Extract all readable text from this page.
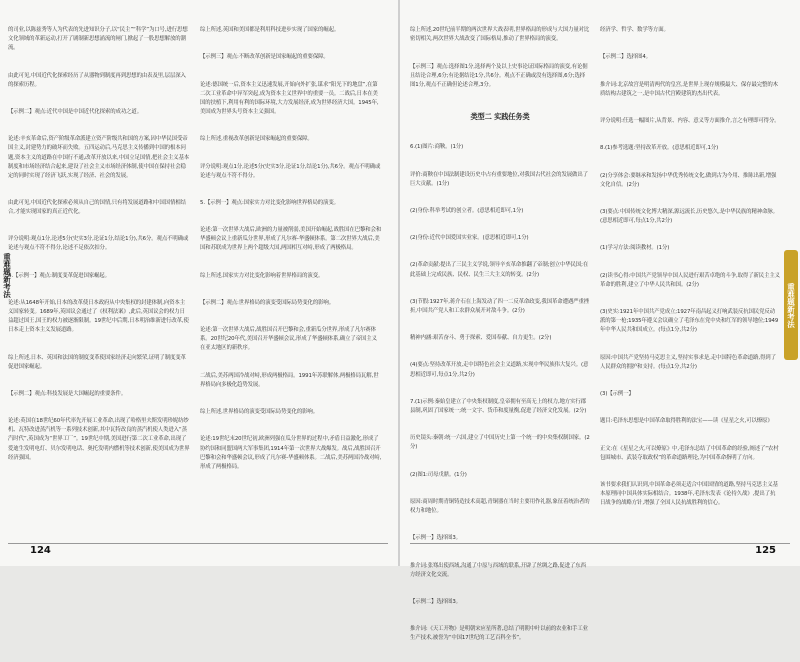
的司业,以陈兹秀等人为代表的先进知识分子,以“民主”“科学”为口号,进行思想文化领域的革新运动,打开了剧制新思想涌流的闸门,掀起了一股思想解放的潮流。

由此可见,中国近代化探索经历了从器物到制度再到思想的由表及里,层层深入的探索历程。

【示例二】观点:近代中国是中国近代化探索的成功之道。

论述:辛亥革命后,资产阶级革命派建立资产阶级共和国的方案,因中华民国受帝国主义,封建势力的破坏而失败。五四运动后,马克思主义传播到中国的根本问题,资本主义的道路在中国行不通,改革开放以来,中国立足国情,把社会主义基本制度和市场经济结合起来,建设了社会主义市场经济体制,使中国在保持社会稳定的同时实现了经济飞跃,实现了经济、社会的发展。

由此可见,中国近代化探索必须从自己的国情,只有将发展道路和中国国情相结合,才能实现国家的真正近代化。

评分说明:观点1分,论述5分(史实3分,论证1分,结论1分),共6分。观点不明确或论述与观点不符不得分,论述不足依次扣分。

4.【示例一】观点:制度变革促进国家崛起。

论述:从1648年开始,日本的改革使日本政府从中央集权的封建体制,向资本主义国家转变。1689年,英国议会通过了《权利法案》,此后,英国议会的权力日益超过国王,国王的权力被逐渐限制。19世纪中后期,日本明治维新进行改革,使日本走上资本主义发展道路。

综上所述,日本、英国和法国的制度变革使国家经济走向繁荣,证明了制度变革促进国家崛起。

【示例二】观点:科技发展是大国崛起的重要条件。

论述:英国在18世纪60年代率先开展工业革命,出现了哈格里夫斯发明珍妮纺纱机、瓦特改进蒸汽机等一系列技术创新,其中瓦特改良的蒸汽机使人类进入“蒸汽时代”,英国成为“世界工厂”。19世纪中期,美国进行第二次工业革命,出现了爱迪生发明电灯、贝尔发明电话、奥托发明内燃机等技术创新,使美国成为世界经济强国。

综上所述,英国和美国都是利用科技进步实现了国家的崛起。

【示例三】观点:不断改革创新是国家崛起的重要保障。

论述:德国统一后,资本主义迅速发展,开始向外扩张,谋求“阳光下的地盘”,在第二次工业革命中异军突起,成为资本主义世界中的重要一员。二战后,日本在美国的扶植下,利用有利的国际环境,大力发展经济,成为世界经济大国。1945年,美国成为世界头号资本主义强国。

综上所述,重视改革创新是国家崛起的重要保障。

评分说明:观点1分,论述5分(史实3分,论证1分,结论1分),共6分。观点不明确或论述与观点不符不得分。

5.【示例一】观点:国家实力对比变化影响世界格局的演变。

论述:第一次世界大战后,欧洲的力量被削弱,美国开始崛起,战胜国在巴黎和会和华盛顿会议上重新瓜分世界,形成了凡尔赛-华盛顿体系。第二次世界大战后,美国和苏联成为世界上两个超级大国,两国相互对峙,形成了两极格局。

综上所述,国家实力对比变化影响着世界格局的演变。

【示例二】观点:世界格局的演变受国际局势变化的影响。

论述:第一次世界大战后,战胜国召开巴黎和会,重新瓜分世界,形成了凡尔赛体系。20世纪20年代,美国召开华盛顿会议,形成了华盛顿体系,确立了帝国主义在亚太地区的新秩序。

二战后,美苏两国冷战对峙,形成两极格局。1991年苏联解体,两极格局瓦解,世界格局向多极化趋势发展。

综上所述,世界格局的演变受国际局势变化的影响。

论述:19世纪末20世纪初,欧洲列强在瓜分世界的过程中,矛盾日益激化,形成了协约国和同盟国两大军事集团,1914年第一次世界大战爆发。战后,战胜国召开巴黎和会和华盛顿会议,形成了凡尔赛-华盛顿体系。二战后,美苏两国冷战对峙,形成了两极格局。

重难题新考法
124

综上所述,20世纪前半期的两次世界大战表明,世界格局的形成与大国力量对比密切相关,两次世界大战改变了国际格局,推动了世界格局的演变。

【示例三】观点:选择图1分,选择两个及以上史事论证国际格局的演变,有论据且结论合理,6分;有论据结论1分,共6分。观点不正确或没有选择图,6分;选择图1分,观点不正确但论述合理,3分。

类型二 实践任务类

6.(1)图片:商鞅。(1分)

评价:商鞅在中国法制建设历史中占有重要地位,对我国古代社会的发展做出了巨大贡献。(1分)

(2)身份:科举考试的创立者。(意思相近即可,1分)

(2)身份:近代中国爱国实业家。(意思相近即可,1分)

(2)革命贡献:提出了三民主义学说,领导辛亥革命推翻了帝制;创立中华民国;在此基础上完成民族、民权、民生三大主义的转变。(2分)

(3)节假:1927年,蒋介石在上海发动了四一二反革命政变,我国革命遭遇严重挫折,中国共产党人和工农群众展开对敌斗争。(2分)

精神内涵:艰苦奋斗、勇于探索、爱国奉献、自力更生。(2分)

(4)要点:坚持改革开放,走中国特色社会主义道路,实现中华民族伟大复兴。(意思相近即可,每点1分,共2分)

7.(1)示例:秦始皇建立了中央集权制度,皇帝拥有至高无上的权力,地方实行郡县制,巩固了国家统一;统一文字、货币和度量衡,促进了经济文化发展。(2分)

历史镜头:秦朝:统一六国,建立了中国历史上第一个统一的中央集权制国家。(2分)

(2)图1:司母戊鼎。(1分)

原因:商周时期青铜铸造技术高超,青铜器在当时主要用作礼器,象征着统治者的权力和地位。

【示例一】选择图3。

推介词:张骞出使西域,沟通了中原与西域的联系,开辟了丝绸之路,促进了东西方经济文化交流。

【示例二】选择图3。

推介词:《天工开物》是明朝宋应星所著,总结了明朝中叶以前的农业和手工业生产技术,被誉为“中国17世纪的工艺百科全书”。

经济学、哲学、数学等方面。

【示例二】选择图4。

推介词:北京故宫是明清两代的皇宫,是世界上现存规模最大、保存最完整的木质结构古建筑之一,是中国古代宫殿建筑的杰出代表。

评分说明:任选一幅图片,从背景、内容、意义等方面推介,言之有理即可得分。

8.(1)参考选题:坚持改革开放。(意思相近即可,1分)

(2)分享体会:要继承和发扬中华优秀传统文化,做到古为今用、推陈出新,增强文化自信。(2分)

(3)要点:中国传统文化博大精深,源远流长,历史悠久,是中华民族的精神命脉。(意思相近即可,每点1分,共2分)

(1)学习方法:阅读教材。(1分)

(2)读书心得:中国共产党领导中国人民进行艰苦卓绝的斗争,取得了新民主主义革命的胜利,建立了中华人民共和国。(2分)

(3)史实:1921年中国共产党成立;1927年南昌起义打响武装反抗国民党反动派的第一枪;1935年遵义会议确立了毛泽东在党中央和红军的领导地位;1949年中华人民共和国成立。(每点1分,共2分)

原因:中国共产党坚持马克思主义,坚持实事求是,走中国特色革命道路,得到了人民群众的拥护和支持。(每点1分,共2分)

(3)【示例一】

题目:毛泽东思想是中国革命取得胜利的法宝——读《星星之火,可以燎原》

正文:在《星星之火,可以燎原》中,毛泽东总结了中国革命的经验,阐述了“农村包围城市、武装夺取政权”的革命道路理论,为中国革命指明了方向。

该书要求我们认识到,中国革命必须走适合中国国情的道路,坚持马克思主义基本原理同中国具体实际相结合。1938年,毛泽东发表《论持久战》,提出了抗日战争的战略方针,增强了全国人民抗战胜利的信心。

重难题新考法
125
